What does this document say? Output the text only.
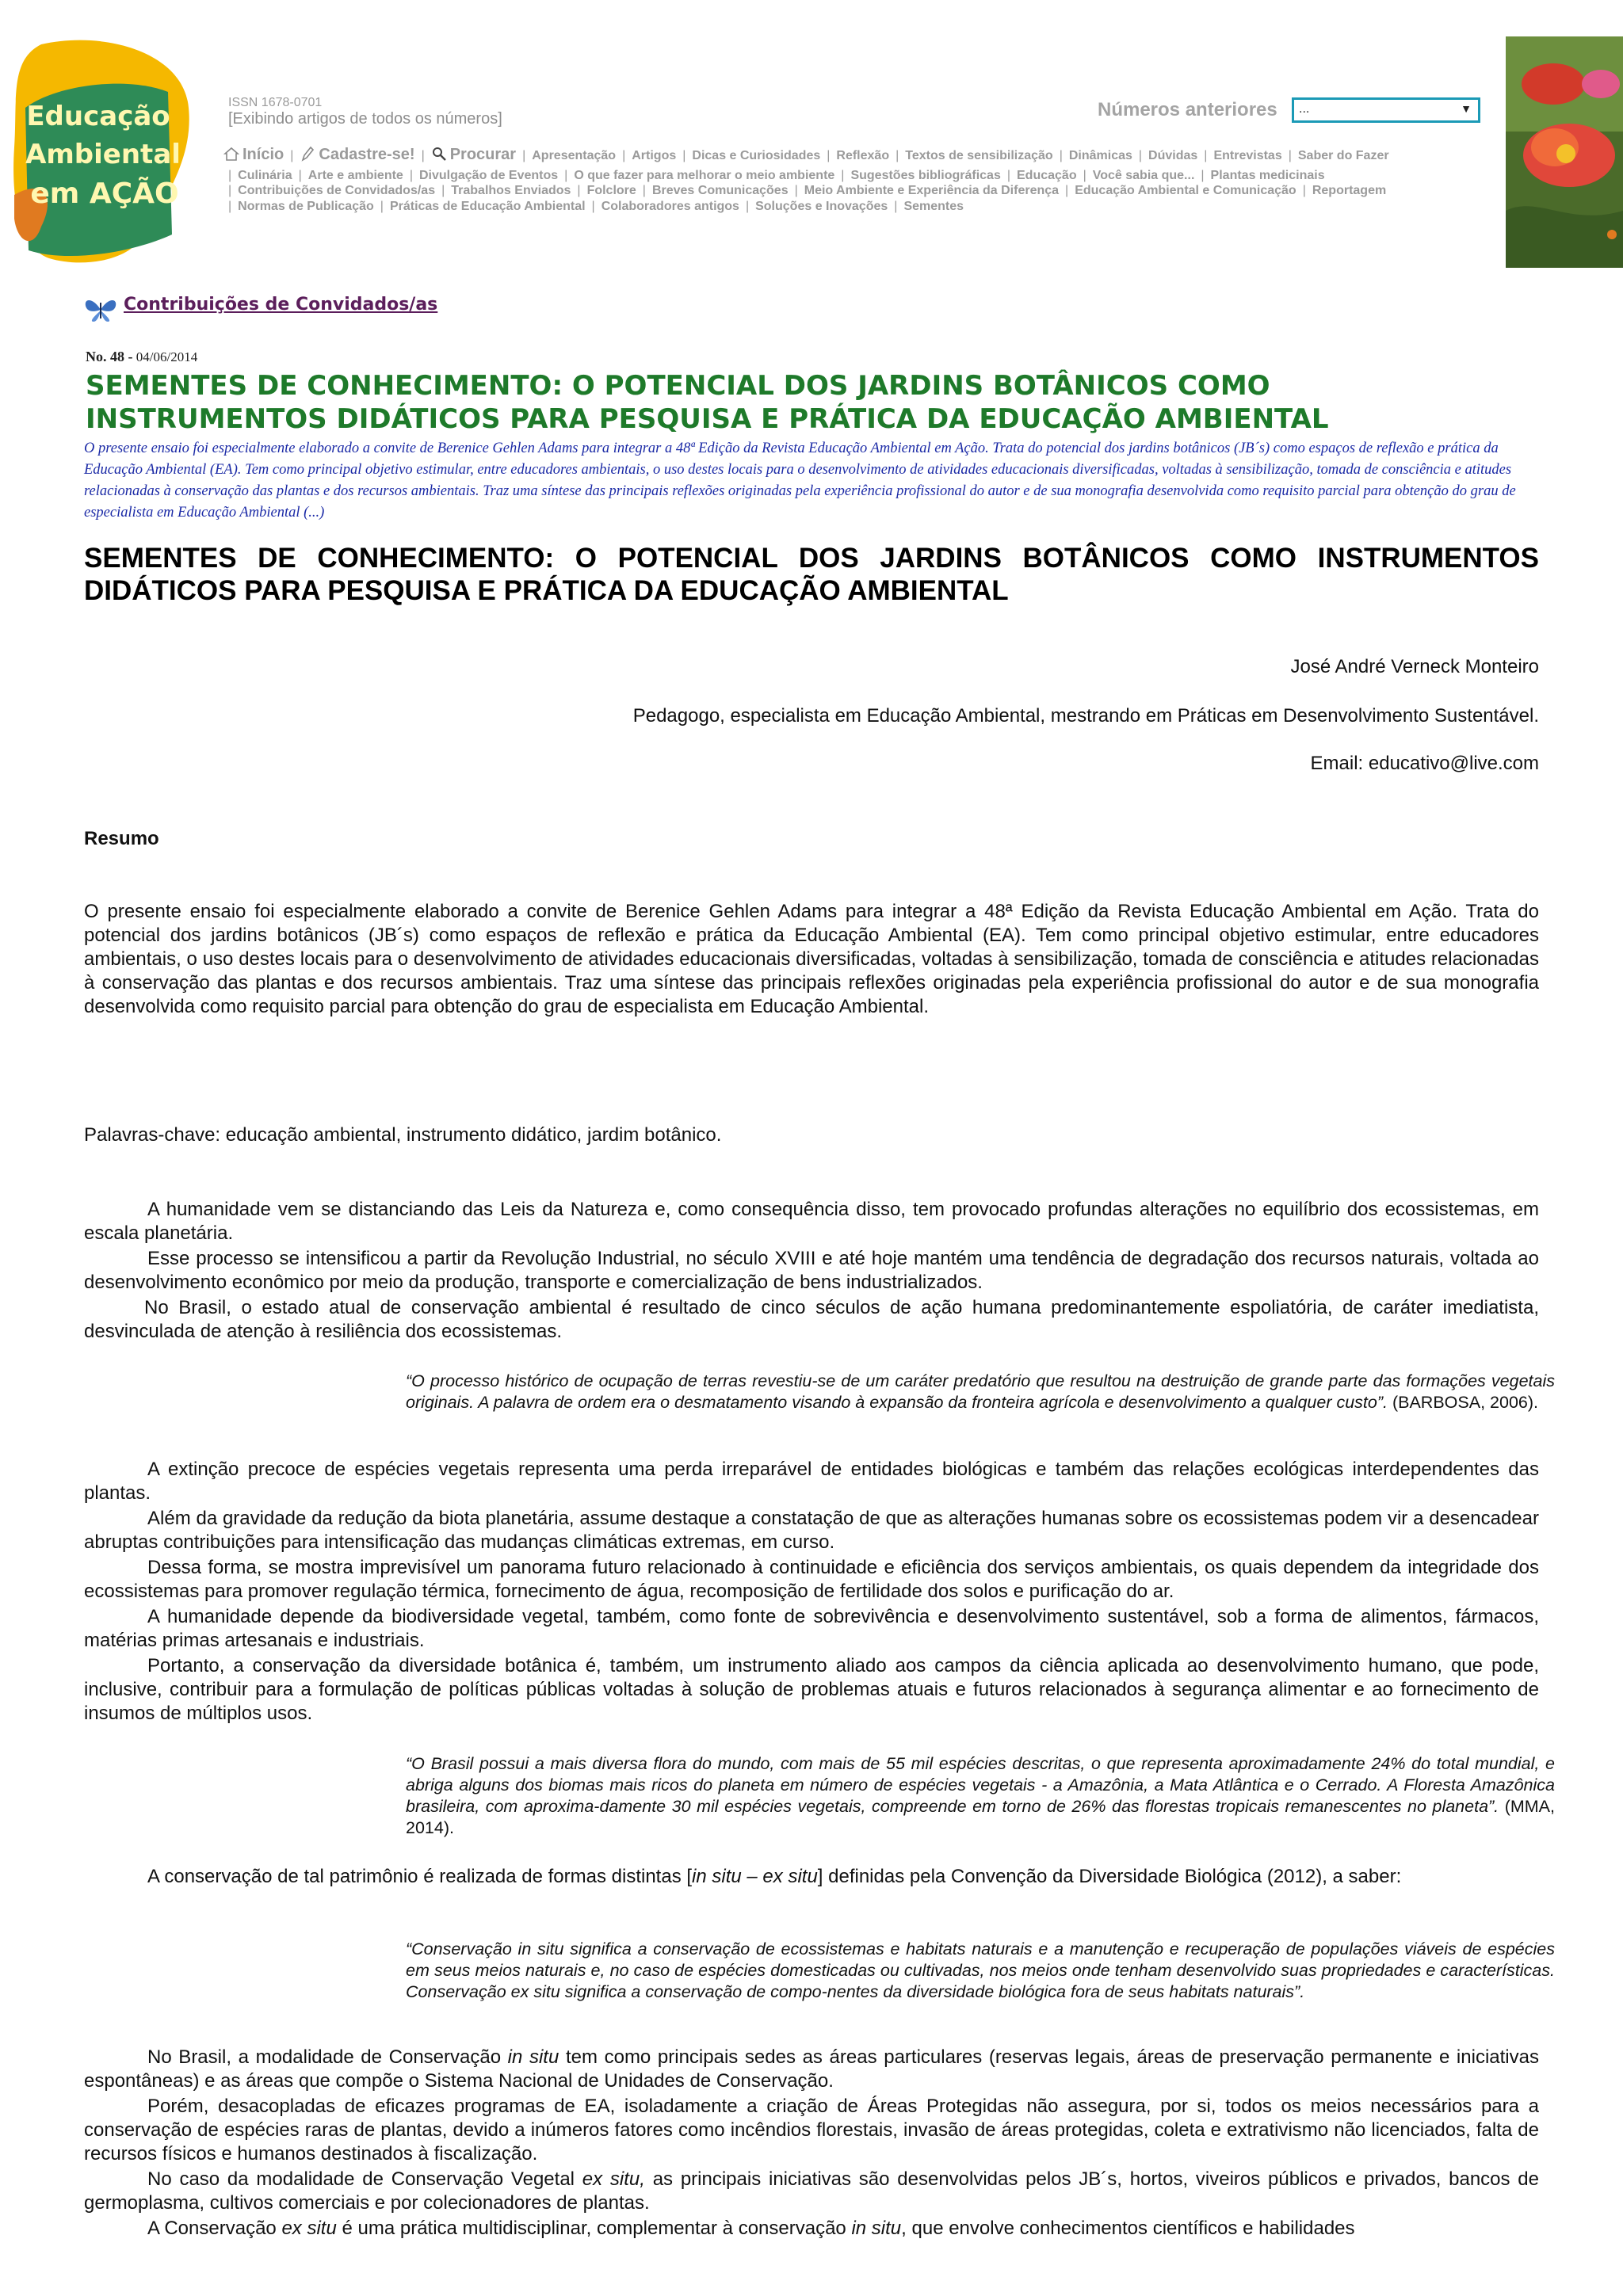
Educação
Ambiental
em AÇÃO
ISSN 1678-0701
[Exibindo artigos de todos os números]	Números anteriores	...	▼
Início | Cadastre-se! | Procurar | Apresentação | Artigos | Dicas e Curiosidades | Reflexão | Textos de sensibilização | Dinâmicas | Dúvidas | Entrevistas | Saber do Fazer
| Culinária | Arte e ambiente | Divulgação de Eventos | O que fazer para melhorar o meio ambiente | Sugestões bibliográficas | Educação | Você sabia que... | Plantas medicinais
| Contribuições de Convidados/as | Trabalhos Enviados | Folclore | Breves Comunicações | Meio Ambiente e Experiência da Diferença | Educação Ambiental e Comunicação | Reportagem
| Normas de Publicação | Práticas de Educação Ambiental | Colaboradores antigos | Soluções e Inovações | Sementes
Contribuições de Convidados/as
No. 48 - 04/06/2014
SEMENTES DE CONHECIMENTO: O POTENCIAL DOS JARDINS BOTÂNICOS COMO INSTRUMENTOS DIDÁTICOS PARA PESQUISA E PRÁTICA DA EDUCAÇÃO AMBIENTAL
O presente ensaio foi especialmente elaborado a convite de Berenice Gehlen Adams para integrar a 48ª Edição da Revista Educação Ambiental em Ação. Trata do potencial dos jardins botânicos (JB´s) como espaços de reflexão e prática da Educação Ambiental (EA). Tem como principal objetivo estimular, entre educadores ambientais, o uso destes locais para o desenvolvimento de atividades educacionais diversificadas, voltadas à sensibilização, tomada de consciência e atitudes relacionadas à conservação das plantas e dos recursos ambientais. Traz uma síntese das principais reflexões originadas pela experiência profissional do autor e de sua monografia desenvolvida como requisito parcial para obtenção do grau de especialista em Educação Ambiental (...)
SEMENTES DE CONHECIMENTO: O POTENCIAL DOS JARDINS BOTÂNICOS COMO INSTRUMENTOS
DIDÁTICOS PARA PESQUISA E PRÁTICA DA EDUCAÇÃO AMBIENTAL
José André Verneck Monteiro
Pedagogo, especialista em Educação Ambiental, mestrando em Práticas em Desenvolvimento Sustentável.
Email: educativo@live.com
Resumo
O presente ensaio foi especialmente elaborado a convite de Berenice Gehlen Adams para integrar a 48ª Edição da Revista Educação Ambiental em Ação. Trata do potencial dos jardins botânicos (JB´s) como espaços de reflexão e prática da Educação Ambiental (EA). Tem como principal objetivo estimular, entre educadores ambientais, o uso destes locais para o desenvolvimento de atividades educacionais diversificadas, voltadas à sensibilização, tomada de consciência e atitudes relacionadas à conservação das plantas e dos recursos ambientais. Traz uma síntese das principais reflexões originadas pela experiência profissional do autor e de sua monografia desenvolvida como requisito parcial para obtenção do grau de especialista em Educação Ambiental.
Palavras-chave: educação ambiental, instrumento didático, jardim botânico.
A humanidade vem se distanciando das Leis da Natureza e, como consequência disso, tem provocado profundas alterações no equilíbrio dos ecossistemas, em escala planetária.
Esse processo se intensificou a partir da Revolução Industrial, no século XVIII e até hoje mantém uma tendência de degradação dos recursos naturais, voltada ao desenvolvimento econômico por meio da produção, transporte e comercialização de bens industrializados.
No Brasil, o estado atual de conservação ambiental é resultado de cinco séculos de ação humana predominantemente espoliatória, de caráter imediatista, desvinculada de atenção à resiliência dos ecossistemas.
“O processo histórico de ocupação de terras revestiu-se de um caráter predatório que resultou na destruição de grande parte das formações vegetais originais. A palavra de ordem era o desmatamento visando à expansão da fronteira agrícola e desenvolvimento a qualquer custo”. (BARBOSA, 2006).
A extinção precoce de espécies vegetais representa uma perda irreparável de entidades biológicas e também das relações ecológicas interdependentes das plantas.
Além da gravidade da redução da biota planetária, assume destaque a constatação de que as alterações humanas sobre os ecossistemas podem vir a desencadear abruptas contribuições para intensificação das mudanças climáticas extremas, em curso.
Dessa forma, se mostra imprevisível um panorama futuro relacionado à continuidade e eficiência dos serviços ambientais, os quais dependem da integridade dos ecossistemas para promover regulação térmica, fornecimento de água, recomposição de fertilidade dos solos e purificação do ar.
A humanidade depende da biodiversidade vegetal, também, como fonte de sobrevivência e desenvolvimento sustentável, sob a forma de alimentos, fármacos, matérias primas artesanais e industriais.
Portanto, a conservação da diversidade botânica é, também, um instrumento aliado aos campos da ciência aplicada ao desenvolvimento humano, que pode, inclusive, contribuir para a formulação de políticas públicas voltadas à solução de problemas atuais e futuros relacionados à segurança alimentar e ao fornecimento de insumos de múltiplos usos.
“O Brasil possui a mais diversa flora do mundo, com mais de 55 mil espécies descritas, o que representa aproximadamente 24% do total mundial, e abriga alguns dos biomas mais ricos do planeta em número de espécies vegetais - a Amazônia, a Mata Atlântica e o Cerrado. A Floresta Amazônica brasileira, com aproxima-damente 30 mil espécies vegetais, compreende em torno de 26% das florestas tropicais remanescentes no planeta”. (MMA, 2014).
A conservação de tal patrimônio é realizada de formas distintas [in situ – ex situ] definidas pela Convenção da Diversidade Biológica (2012), a saber:
“Conservação in situ significa a conservação de ecossistemas e habitats naturais e a manutenção e recuperação de populações viáveis de espécies em seus meios naturais e, no caso de espécies domesticadas ou cultivadas, nos meios onde tenham desenvolvido suas propriedades e características. Conservação ex situ significa a conservação de compo-nentes da diversidade biológica fora de seus habitats naturais”.
No Brasil, a modalidade de Conservação in situ tem como principais sedes as áreas particulares (reservas legais, áreas de preservação permanente e iniciativas espontâneas) e as áreas que compõe o Sistema Nacional de Unidades de Conservação.
Porém, desacopladas de eficazes programas de EA, isoladamente a criação de Áreas Protegidas não assegura, por si, todos os meios necessários para a conservação de espécies raras de plantas, devido a inúmeros fatores como incêndios florestais, invasão de áreas protegidas, coleta e extrativismo não licenciados, falta de recursos físicos e humanos destinados à fiscalização.
No caso da modalidade de Conservação Vegetal ex situ, as principais iniciativas são desenvolvidas pelos JB´s, hortos, viveiros públicos e privados, bancos de germoplasma, cultivos comerciais e por colecionadores de plantas.
A Conservação ex situ é uma prática multidisciplinar, complementar à conservação in situ, que envolve conhecimentos científicos e habilidades
